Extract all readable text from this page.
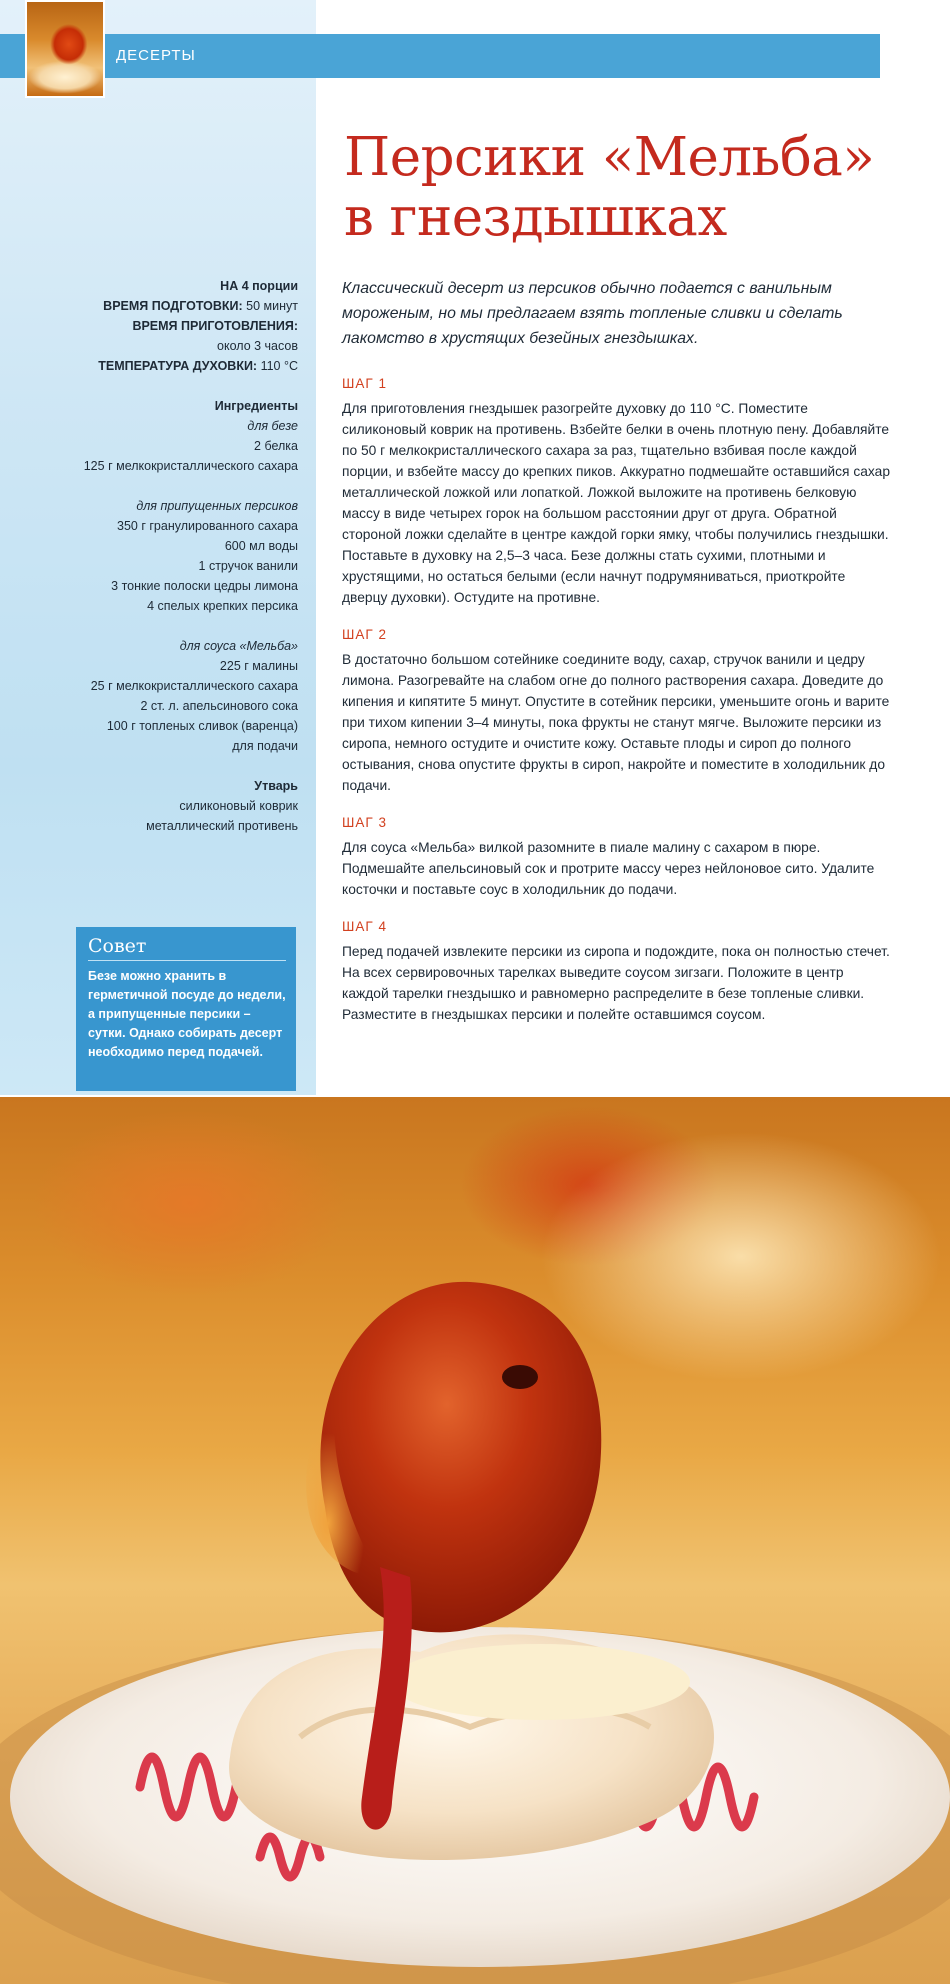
ДЕСЕРТЫ
Персики «Мельба»
в гнездышках
НА 4 порции
ВРЕМЯ ПОДГОТОВКИ: 50 минут
ВРЕМЯ ПРИГОТОВЛЕНИЯ:
около 3 часов
ТЕМПЕРАТУРА ДУХОВКИ: 110 °C
Ингредиенты
для безе
2 белка
125 г мелкокристаллического сахара
для припущенных персиков
350 г гранулированного сахара
600 мл воды
1 стручок ванили
3 тонкие полоски цедры лимона
4 спелых крепких персика
для соуса «Мельба»
225 г малины
25 г мелкокристаллического сахара
2 ст. л. апельсинового сока
100 г топленых сливок (варенца)
для подачи
Утварь
силиконовый коврик
металлический противень
Совет
Безе можно хранить в герметичной посуде до недели, а припущенные персики – сутки. Однако собирать десерт необходимо перед подачей.
Классический десерт из персиков обычно подается с ванильным мороженым, но мы предлагаем взять топленые сливки и сделать лакомство в хрустящих безейных гнездышках.
ШАГ 1

Для приготовления гнездышек разогрейте духовку до 110 °C. Поместите силиконовый коврик на противень. Взбейте белки в очень плотную пену. Добавляйте по 50 г мелкокристаллического сахара за раз, тщательно взбивая после каждой порции, и взбейте массу до крепких пиков. Аккуратно подмешайте оставшийся сахар металлической ложкой или лопаткой. Ложкой выложите на противень белковую массу в виде четырех горок на большом расстоянии друг от друга. Обратной стороной ложки сделайте в центре каждой горки ямку, чтобы получились гнездышки. Поставьте в духовку на 2,5–3 часа. Безе должны стать сухими, плотными и хрустящими, но остаться белыми (если начнут подрумяниваться, приоткройте дверцу духовки). Остудите на противне.

ШАГ 2

В достаточно большом сотейнике соедините воду, сахар, стручок ванили и цедру лимона. Разогревайте на слабом огне до полного растворения сахара. Доведите до кипения и кипятите 5 минут. Опустите в сотейник персики, уменьшите огонь и варите при тихом кипении 3–4 минуты, пока фрукты не станут мягче. Выложите персики из сиропа, немного остудите и очистите кожу. Оставьте плоды и сироп до полного остывания, снова опустите фрукты в сироп, накройте и поместите в холодильник до подачи.

ШАГ 3

Для соуса «Мельба» вилкой разомните в пиале малину с сахаром в пюре. Подмешайте апельсиновый сок и протрите массу через нейлоновое сито. Удалите косточки и поставьте соус в холодильник до подачи.

ШАГ 4

Перед подачей извлеките персики из сиропа и подождите, пока он полностью стечет. На всех сервировочных тарелках выведите соусом зигзаги. Положите в центр каждой тарелки гнездышко и равномерно распределите в безе топленые сливки. Разместите в гнездышках персики и полейте оставшимся соусом.
